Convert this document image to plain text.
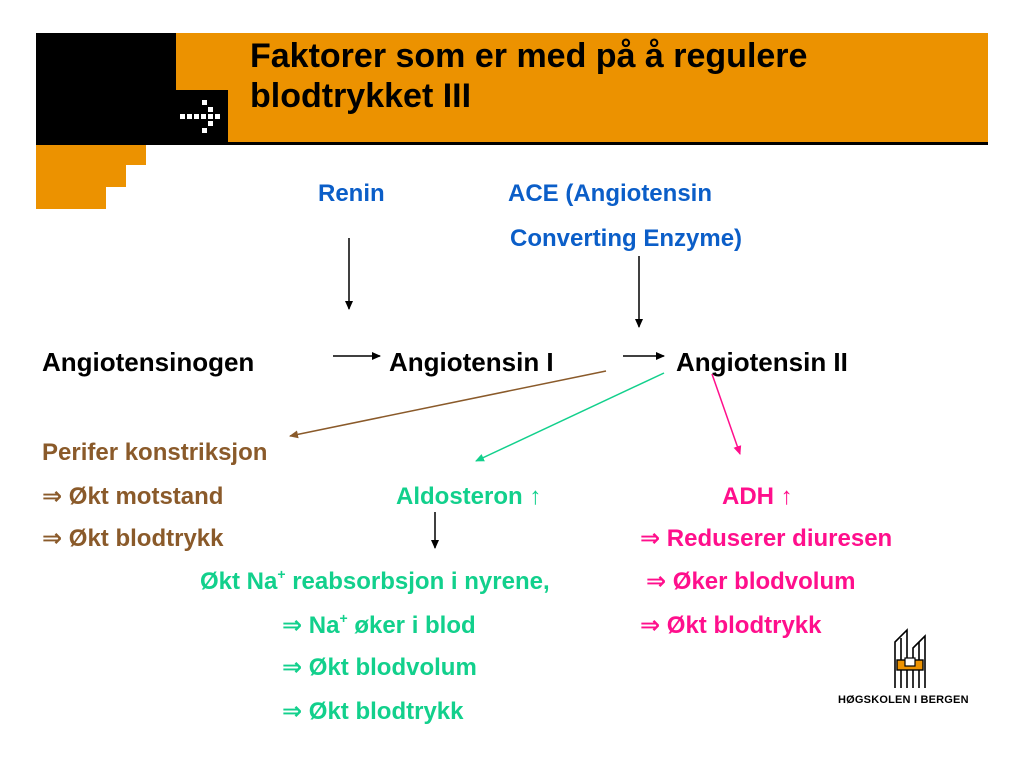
Faktorer som er med på å regulere
blodtrykket III
Renin	ACE (Angiotensin
Converting Enzyme)
Angiotensinogen	Angiotensin I	Angiotensin II
Perifer konstriksjon
⇒ Økt motstand
⇒ Økt blodtrykk
Aldosteron ↑
Økt Na+ reabsorbsjon i nyrene,
⇒ Na+ øker i blod
⇒ Økt blodvolum
⇒ Økt blodtrykk
ADH ↑
⇒ Reduserer diuresen
⇒ Øker blodvolum
⇒ Økt blodtrykk
HØGSKOLEN I BERGEN
